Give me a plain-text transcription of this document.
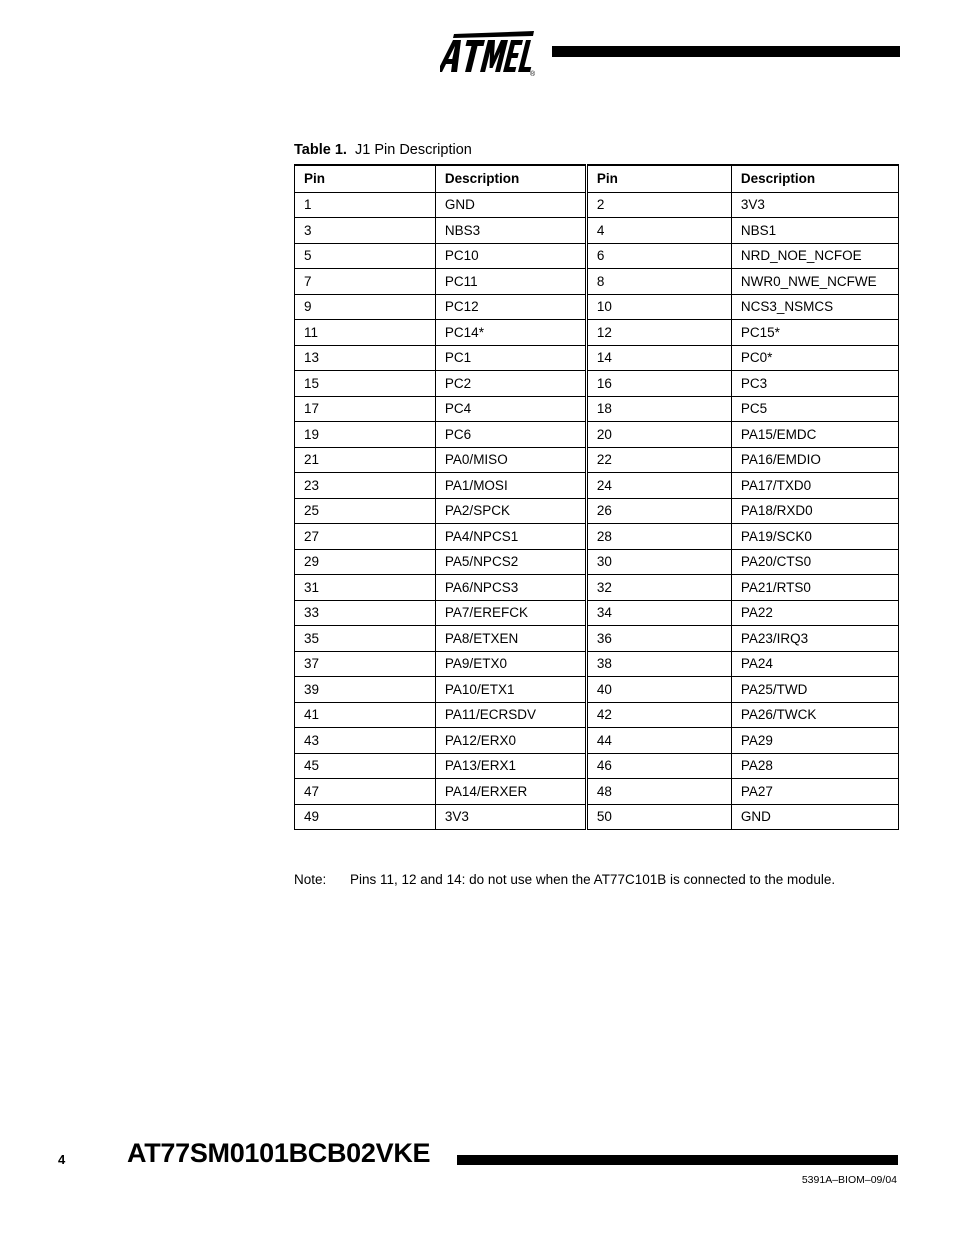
®
Table 1. J1 Pin Description
Pin	Description	Pin	Description
1	GND	2	3V3
3	NBS3	4	NBS1
5	PC10	6	NRD_NOE_NCFOE
7	PC11	8	NWR0_NWE_NCFWE
9	PC12	10	NCS3_NSMCS
11	PC14*	12	PC15*
13	PC1	14	PC0*
15	PC2	16	PC3
17	PC4	18	PC5
19	PC6	20	PA15/EMDC
21	PA0/MISO	22	PA16/EMDIO
23	PA1/MOSI	24	PA17/TXD0
25	PA2/SPCK	26	PA18/RXD0
27	PA4/NPCS1	28	PA19/SCK0
29	PA5/NPCS2	30	PA20/CTS0
31	PA6/NPCS3	32	PA21/RTS0
33	PA7/EREFCK	34	PA22
35	PA8/ETXEN	36	PA23/IRQ3
37	PA9/ETX0	38	PA24
39	PA10/ETX1	40	PA25/TWD
41	PA11/ECRSDV	42	PA26/TWCK
43	PA12/ERX0	44	PA29
45	PA13/ERX1	46	PA28
47	PA14/ERXER	48	PA27
49	3V3	50	GND
Note: Pins 11, 12 and 14: do not use when the AT77C101B is connected to the module.
4 AT77SM0101BCB02VKE
5391A–BIOM–09/04
